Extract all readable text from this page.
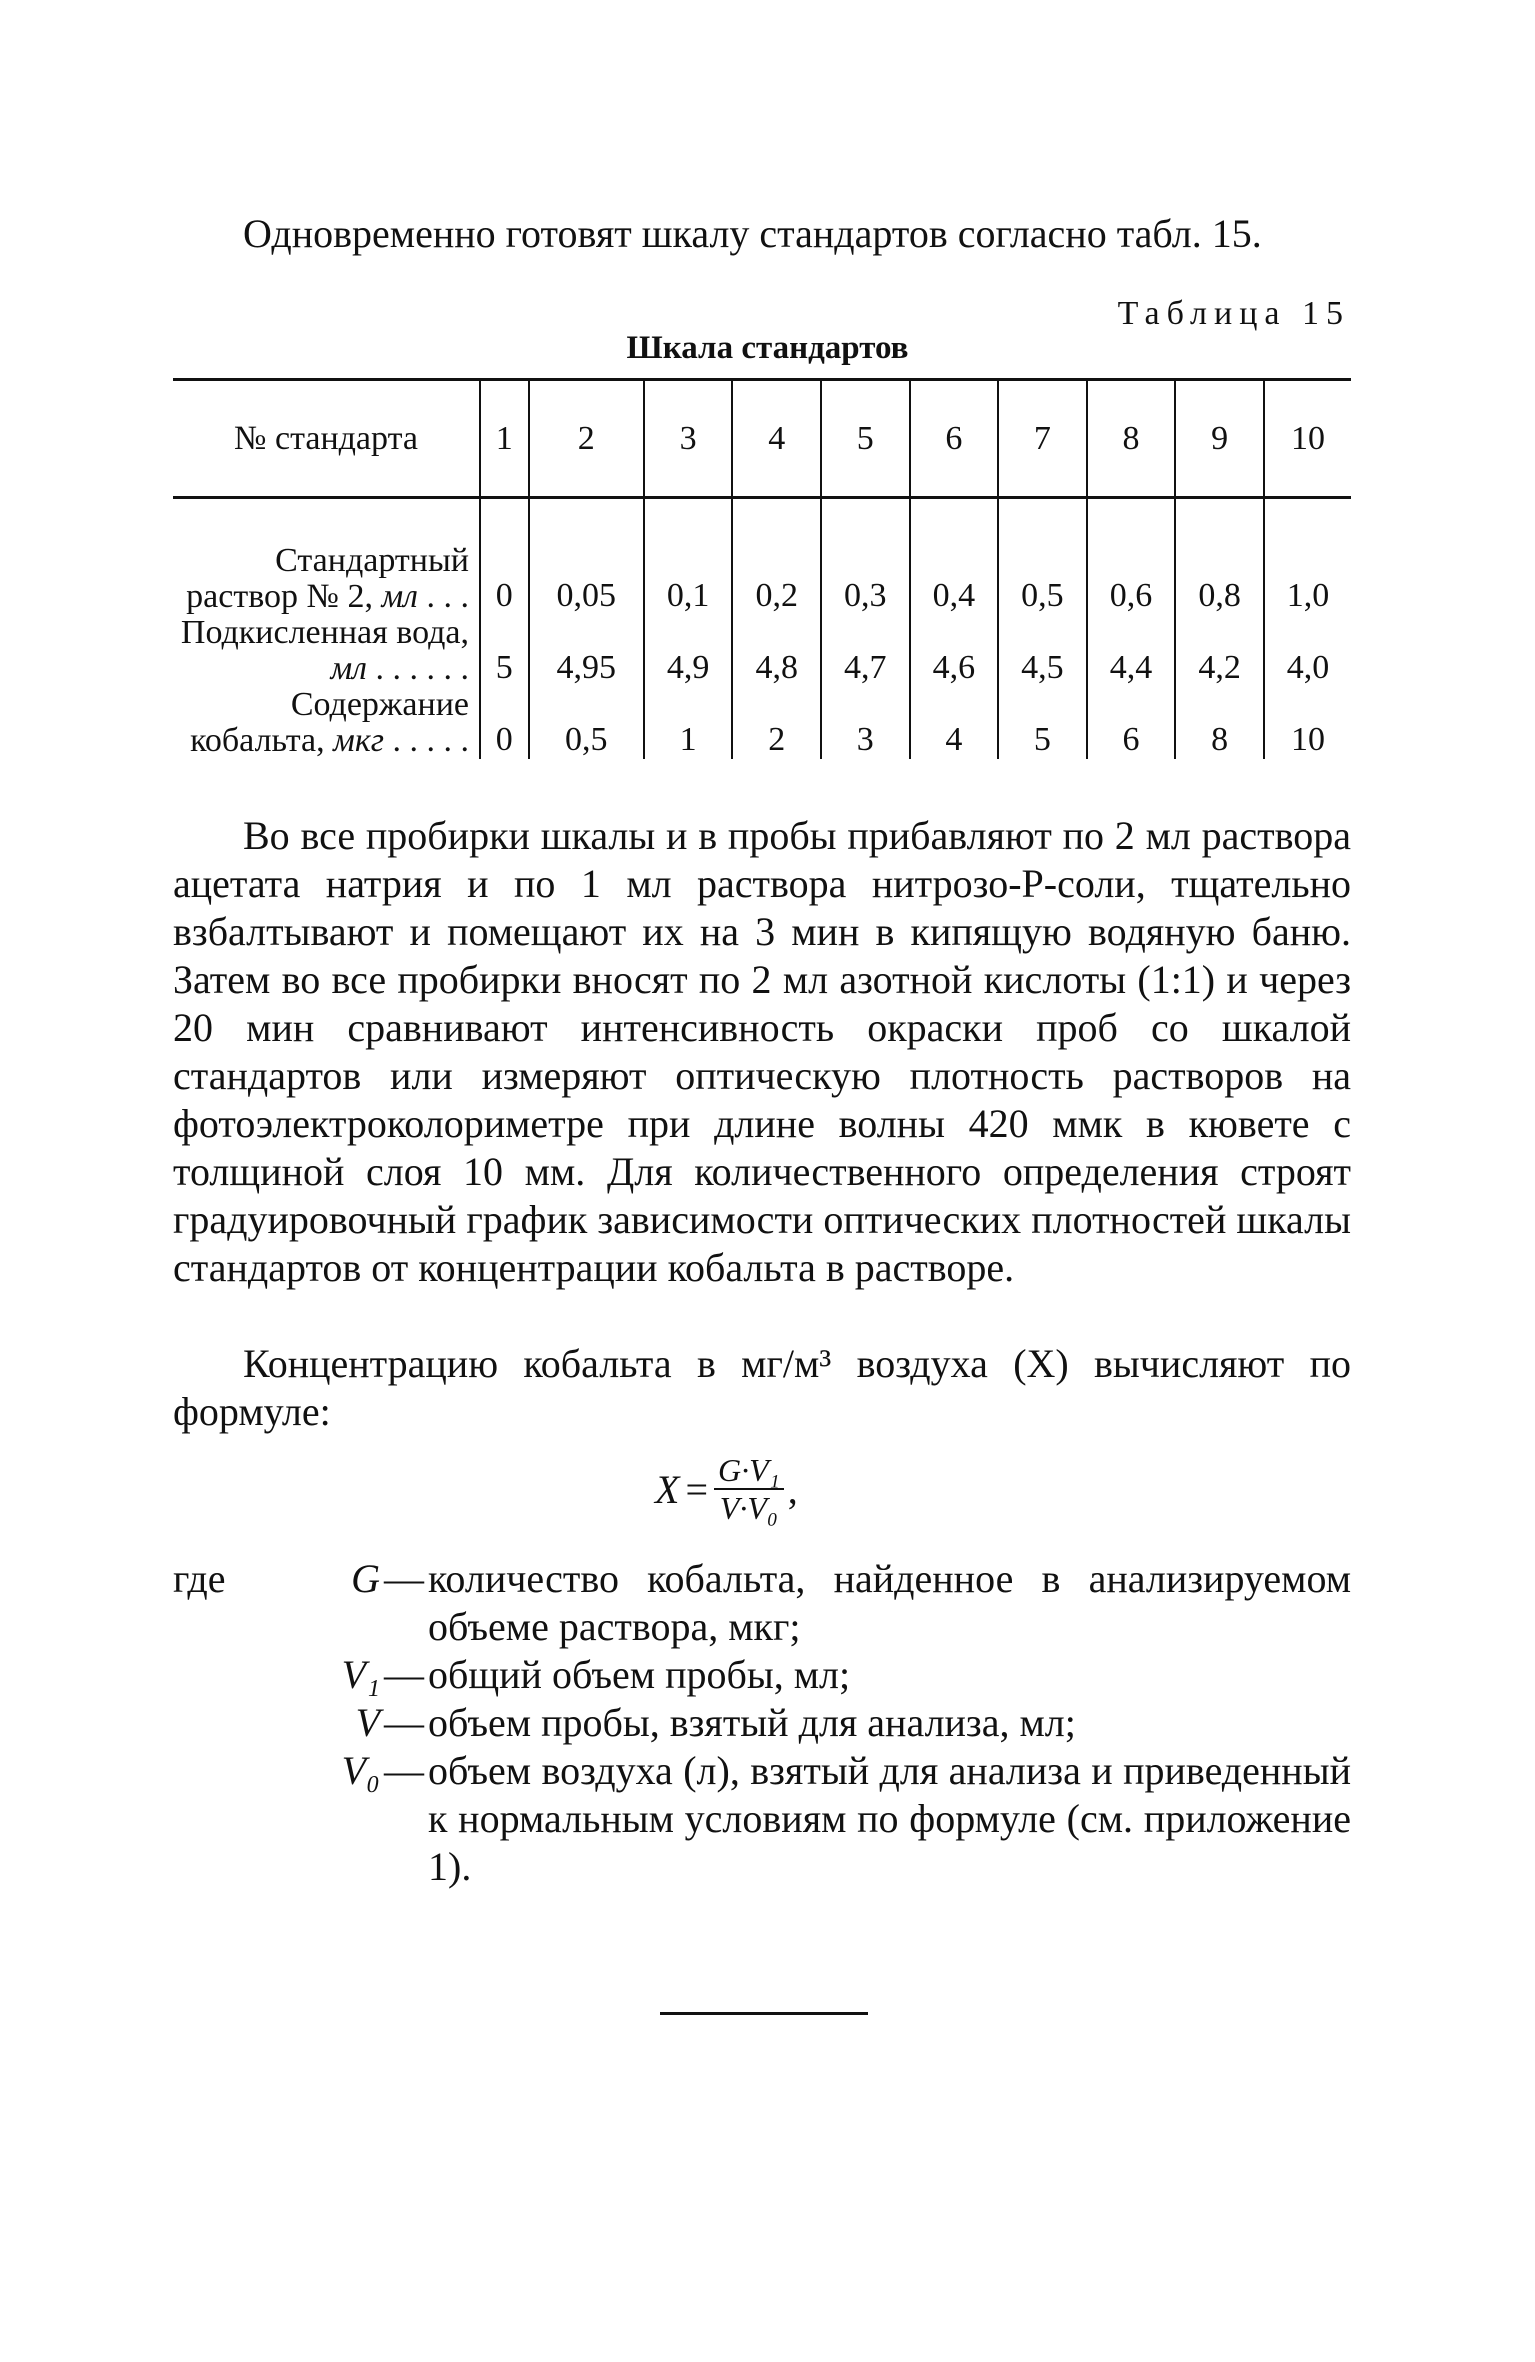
Одновременно готовят шкалу стандартов согласно табл. 15.

Таблица 15
Шкала стандартов
№ стандарта	1	2	3	4	5	6	7	8	9	10
Стандартный раствор № 2, мл . . .	0	0,05	0,1	0,2	0,3	0,4	0,5	0,6	0,8	1,0
Подкисленная вода, мл . . . . . .	5	4,95	4,9	4,8	4,7	4,6	4,5	4,4	4,2	4,0
Содержание кобальта, мкг . . . . .	0	0,5	1	2	3	4	5	6	8	10

Во все пробирки шкалы и в пробы прибавляют по 2 мл раствора ацетата натрия и по 1 мл раствора нитрозо-Р-соли, тщательно взбалтывают и помещают их на 3 мин в кипящую водяную баню. Затем во все пробирки вносят по 2 мл азотной кислоты (1:1) и через 20 мин сравнивают интенсивность окраски проб со шкалой стандартов или измеряют оптическую плотность растворов на фотоэлектроколориметре при длине волны 420 ммк в кювете с толщиной слоя 10 мм. Для количественного определения строят градуировочный график зависимости оптических плотностей шкалы стандартов от концентрации кобальта в растворе.

Концентрацию кобальта в мг/м³ воздуха (X) вычисляют по формуле:

$X = \frac{\text{G·V₁}}{\text{V·V₀}}$ ,
где	G — количество кобальта, найденное в анализируемом объеме раствора, мкг;
V₁ — общий объем пробы, мл;
V — объем пробы, взятый для анализа, мл;
V₀ — объем воздуха (л), взятый для анализа и приведенный к нормальным условиям по формуле (см. приложение 1).
